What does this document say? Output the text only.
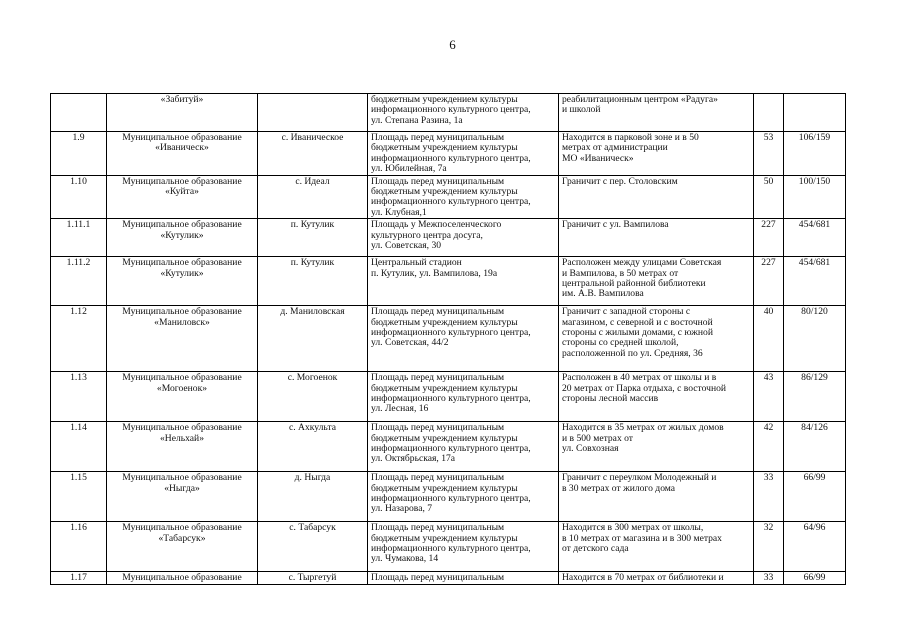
6

	«Забитуй»		бюджетным учреждением культуры
информационного культурного центра,
ул. Степана Разина, 1а	реабилитационным центром «Радуга»
и школой		

1.9	Муниципальное образование
«Иваническ»	с. Иваническое	Площадь перед муниципальным
бюджетным учреждением культуры
информационного культурного центра,
ул. Юбилейная, 7а	Находится в парковой зоне и в 50
метрах от администрации
МО «Иваническ»	53	106/159
1.10	Муниципальное образование
«Куйта»	с. Идеал	Площадь перед муниципальным
бюджетным учреждением культуры
информационного культурного центра,
ул. Клубная,1	Граничит с пер. Столовским	50	100/150
1.11.1	Муниципальное образование
«Кутулик»	п. Кутулик	Площадь у Межпоселенческого
культурного центра досуга,
ул. Советская, 30	Граничит с ул. Вампилова	227	454/681
1.11.2	Муниципальное образование
«Кутулик»	п. Кутулик	Центральный стадион
п. Кутулик, ул. Вампилова, 19а	Расположен между улицами Советская
и Вампилова, в 50 метрах от
центральной районной библиотеки
им. А.В. Вампилова	227	454/681
1.12	Муниципальное образование
«Маниловск»	д. Маниловская	Площадь перед муниципальным
бюджетным учреждением культуры
информационного культурного центра,
ул. Советская, 44/2	Граничит с западной стороны с
магазином, с северной и с восточной
стороны с жилыми домами, с южной
стороны со средней школой,
расположенной по ул. Средняя, 36	40	80/120
1.13	Муниципальное образование
«Могоенок»	с. Могоенок	Площадь перед муниципальным
бюджетным учреждением культуры
информационного культурного центра,
ул. Лесная, 16	Расположен в 40 метрах от школы и в
20 метрах от Парка отдыха, с восточной
стороны лесной массив	43	86/129
1.14	Муниципальное образование
«Нельхай»	с. Ахкульта	Площадь перед муниципальным
бюджетным учреждением культуры
информационного культурного центра,
ул. Октябрьская, 17а	Находится в 35 метрах от жилых домов
и в 500 метрах от
ул. Совхозная	42	84/126
1.15	Муниципальное образование
«Ныгда»	д. Ныгда	Площадь перед муниципальным
бюджетным учреждением культуры
информационного культурного центра,
ул. Назарова, 7	Граничит с переулком Молодежный и
в 30 метрах от жилого дома	33	66/99
1.16	Муниципальное образование
«Табарсук»	с. Табарсук	Площадь перед муниципальным
бюджетным учреждением культуры
информационного культурного центра,
ул. Чумакова, 14	Находится в 300 метрах от школы,
в 10 метрах от магазина и в 300 метрах
от детского сада	32	64/96
1.17	Муниципальное образование	с. Тыргетуй	Площадь перед муниципальным	Находится в 70 метрах от библиотеки и	33	66/99
